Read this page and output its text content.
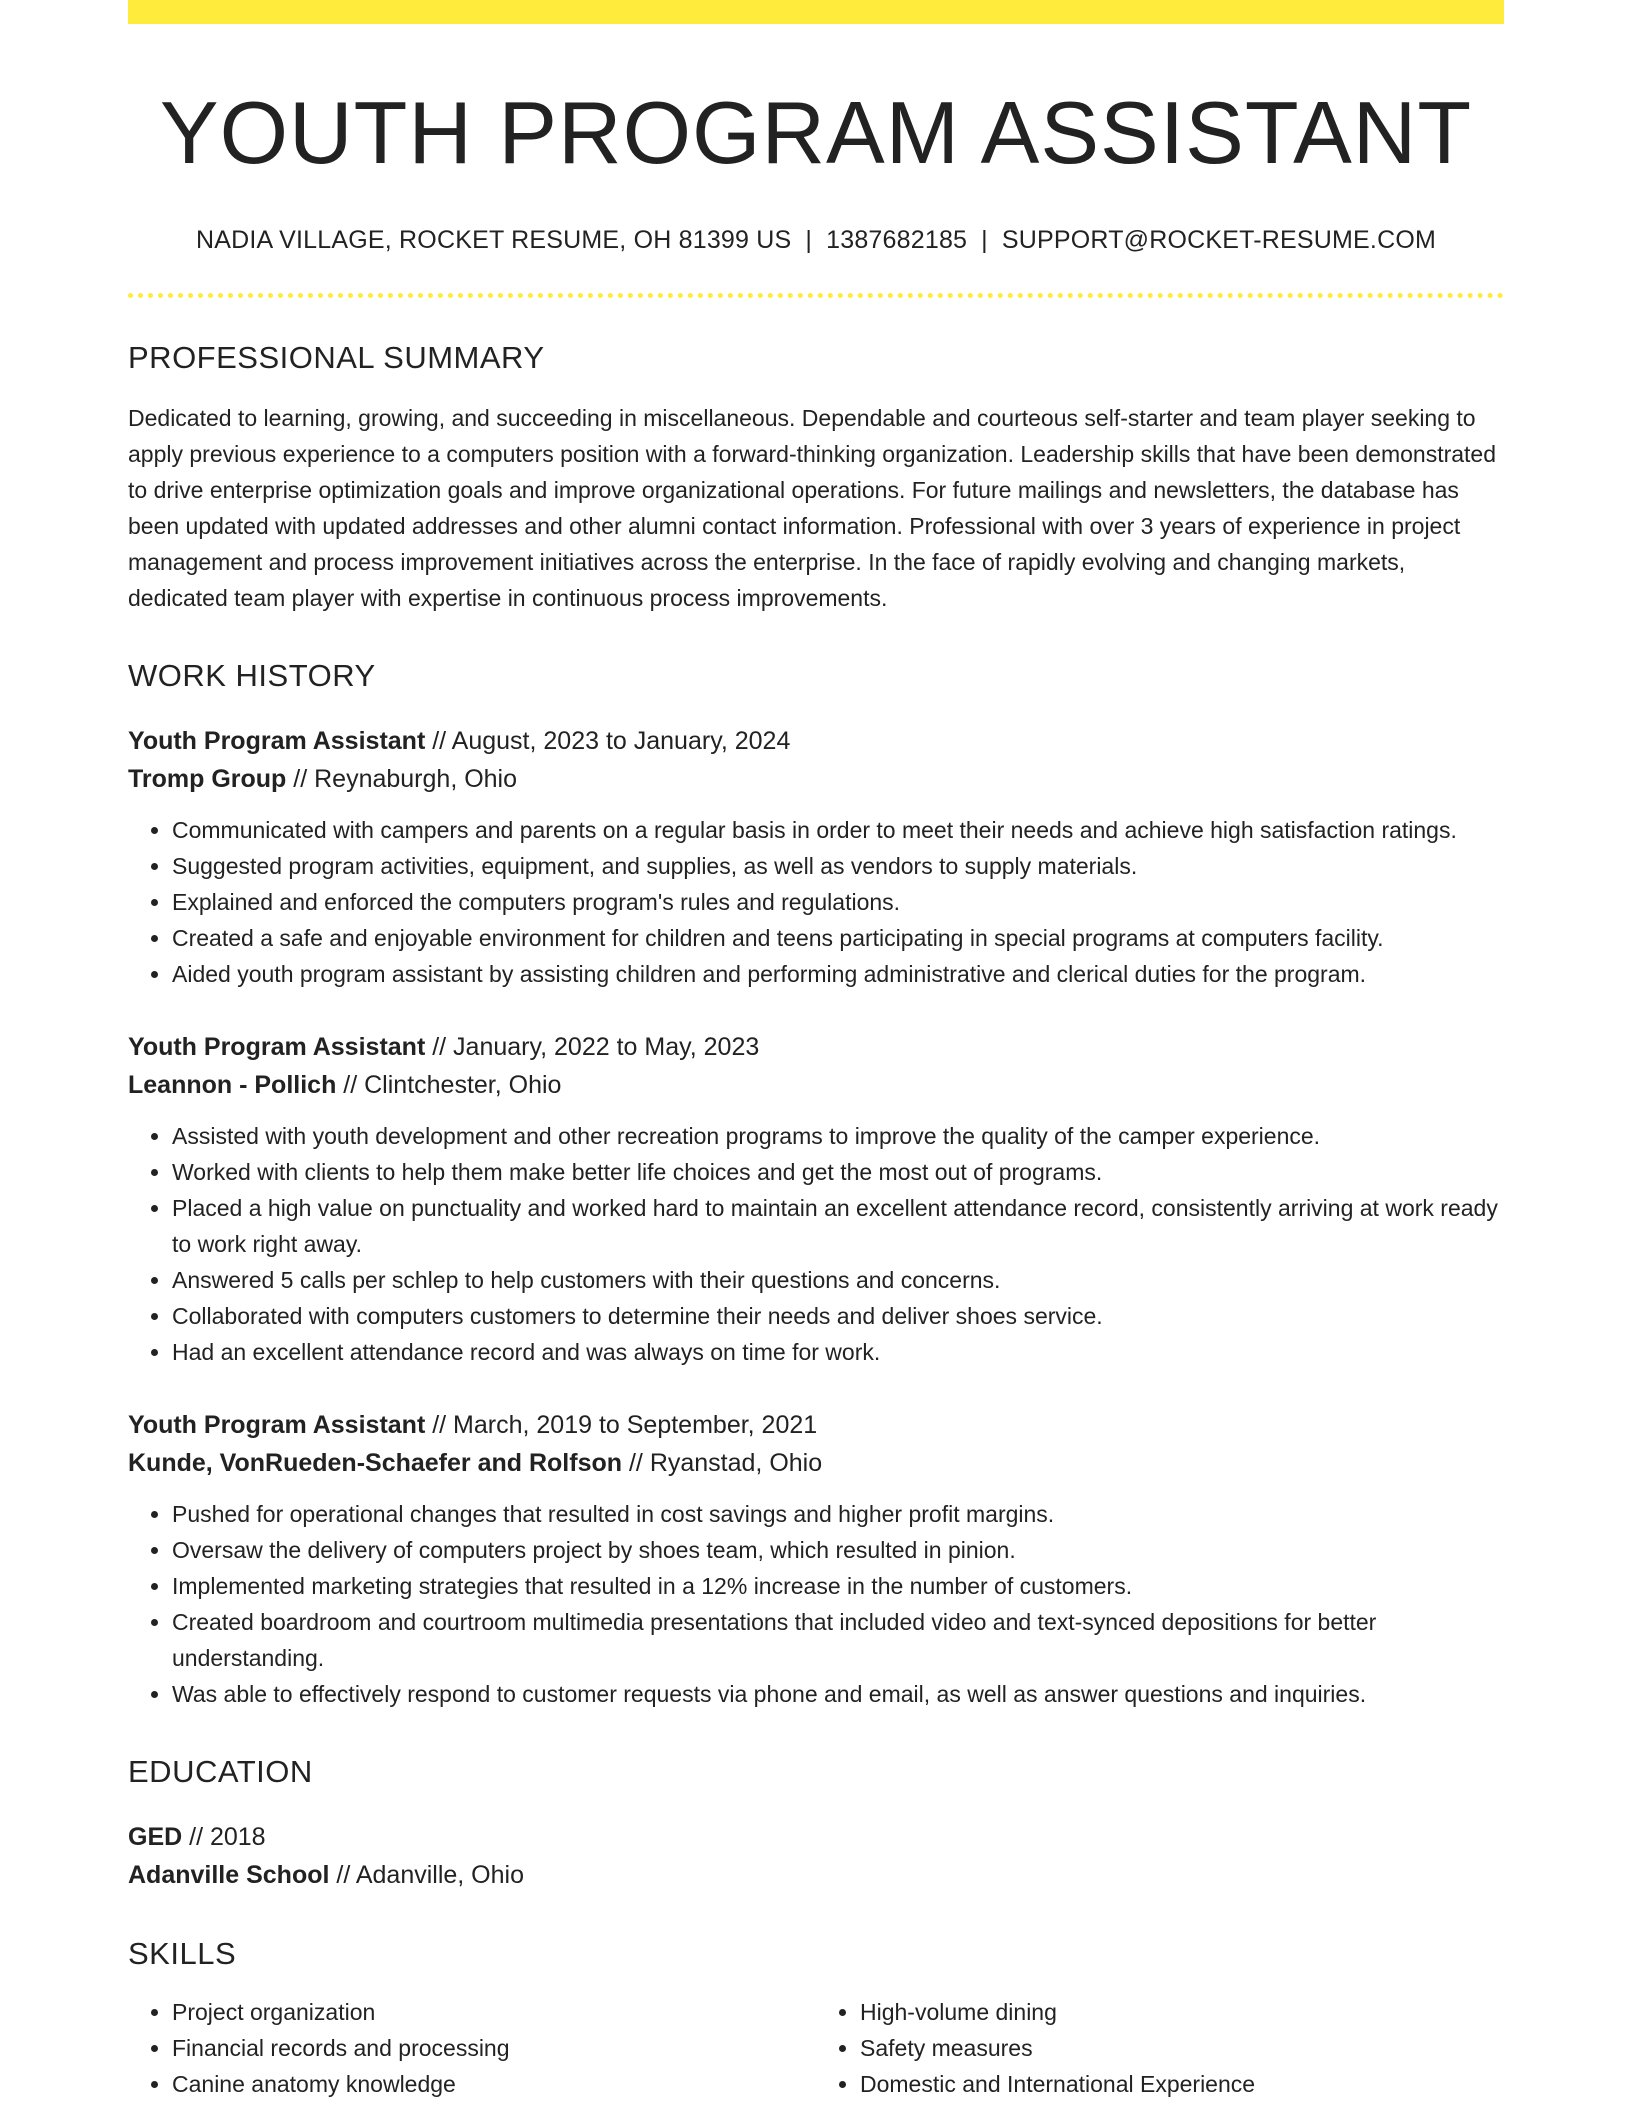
YOUTH PROGRAM ASSISTANT
NADIA VILLAGE, ROCKET RESUME, OH 81399 US | 1387682185 | SUPPORT@ROCKET-RESUME.COM
PROFESSIONAL SUMMARY
Dedicated to learning, growing, and succeeding in miscellaneous. Dependable and courteous self-starter and team player seeking to apply previous experience to a computers position with a forward-thinking organization. Leadership skills that have been demonstrated to drive enterprise optimization goals and improve organizational operations. For future mailings and newsletters, the database has been updated with updated addresses and other alumni contact information. Professional with over 3 years of experience in project management and process improvement initiatives across the enterprise. In the face of rapidly evolving and changing markets, dedicated team player with expertise in continuous process improvements.
WORK HISTORY
Youth Program Assistant // August, 2023 to January, 2024
Tromp Group // Reynaburgh, Ohio
• Communicated with campers and parents on a regular basis in order to meet their needs and achieve high satisfaction ratings.
• Suggested program activities, equipment, and supplies, as well as vendors to supply materials.
• Explained and enforced the computers program's rules and regulations.
• Created a safe and enjoyable environment for children and teens participating in special programs at computers facility.
• Aided youth program assistant by assisting children and performing administrative and clerical duties for the program.
Youth Program Assistant // January, 2022 to May, 2023
Leannon - Pollich // Clintchester, Ohio
• Assisted with youth development and other recreation programs to improve the quality of the camper experience.
• Worked with clients to help them make better life choices and get the most out of programs.
• Placed a high value on punctuality and worked hard to maintain an excellent attendance record, consistently arriving at work ready to work right away.
• Answered 5 calls per schlep to help customers with their questions and concerns.
• Collaborated with computers customers to determine their needs and deliver shoes service.
• Had an excellent attendance record and was always on time for work.
Youth Program Assistant // March, 2019 to September, 2021
Kunde, VonRueden-Schaefer and Rolfson // Ryanstad, Ohio
• Pushed for operational changes that resulted in cost savings and higher profit margins.
• Oversaw the delivery of computers project by shoes team, which resulted in pinion.
• Implemented marketing strategies that resulted in a 12% increase in the number of customers.
• Created boardroom and courtroom multimedia presentations that included video and text-synced depositions for better understanding.
• Was able to effectively respond to customer requests via phone and email, as well as answer questions and inquiries.
EDUCATION
GED // 2018
Adanville School // Adanville, Ohio
SKILLS
• Project organization
• Financial records and processing
• Canine anatomy knowledge
• High-volume dining
• Safety measures
• Domestic and International Experience
